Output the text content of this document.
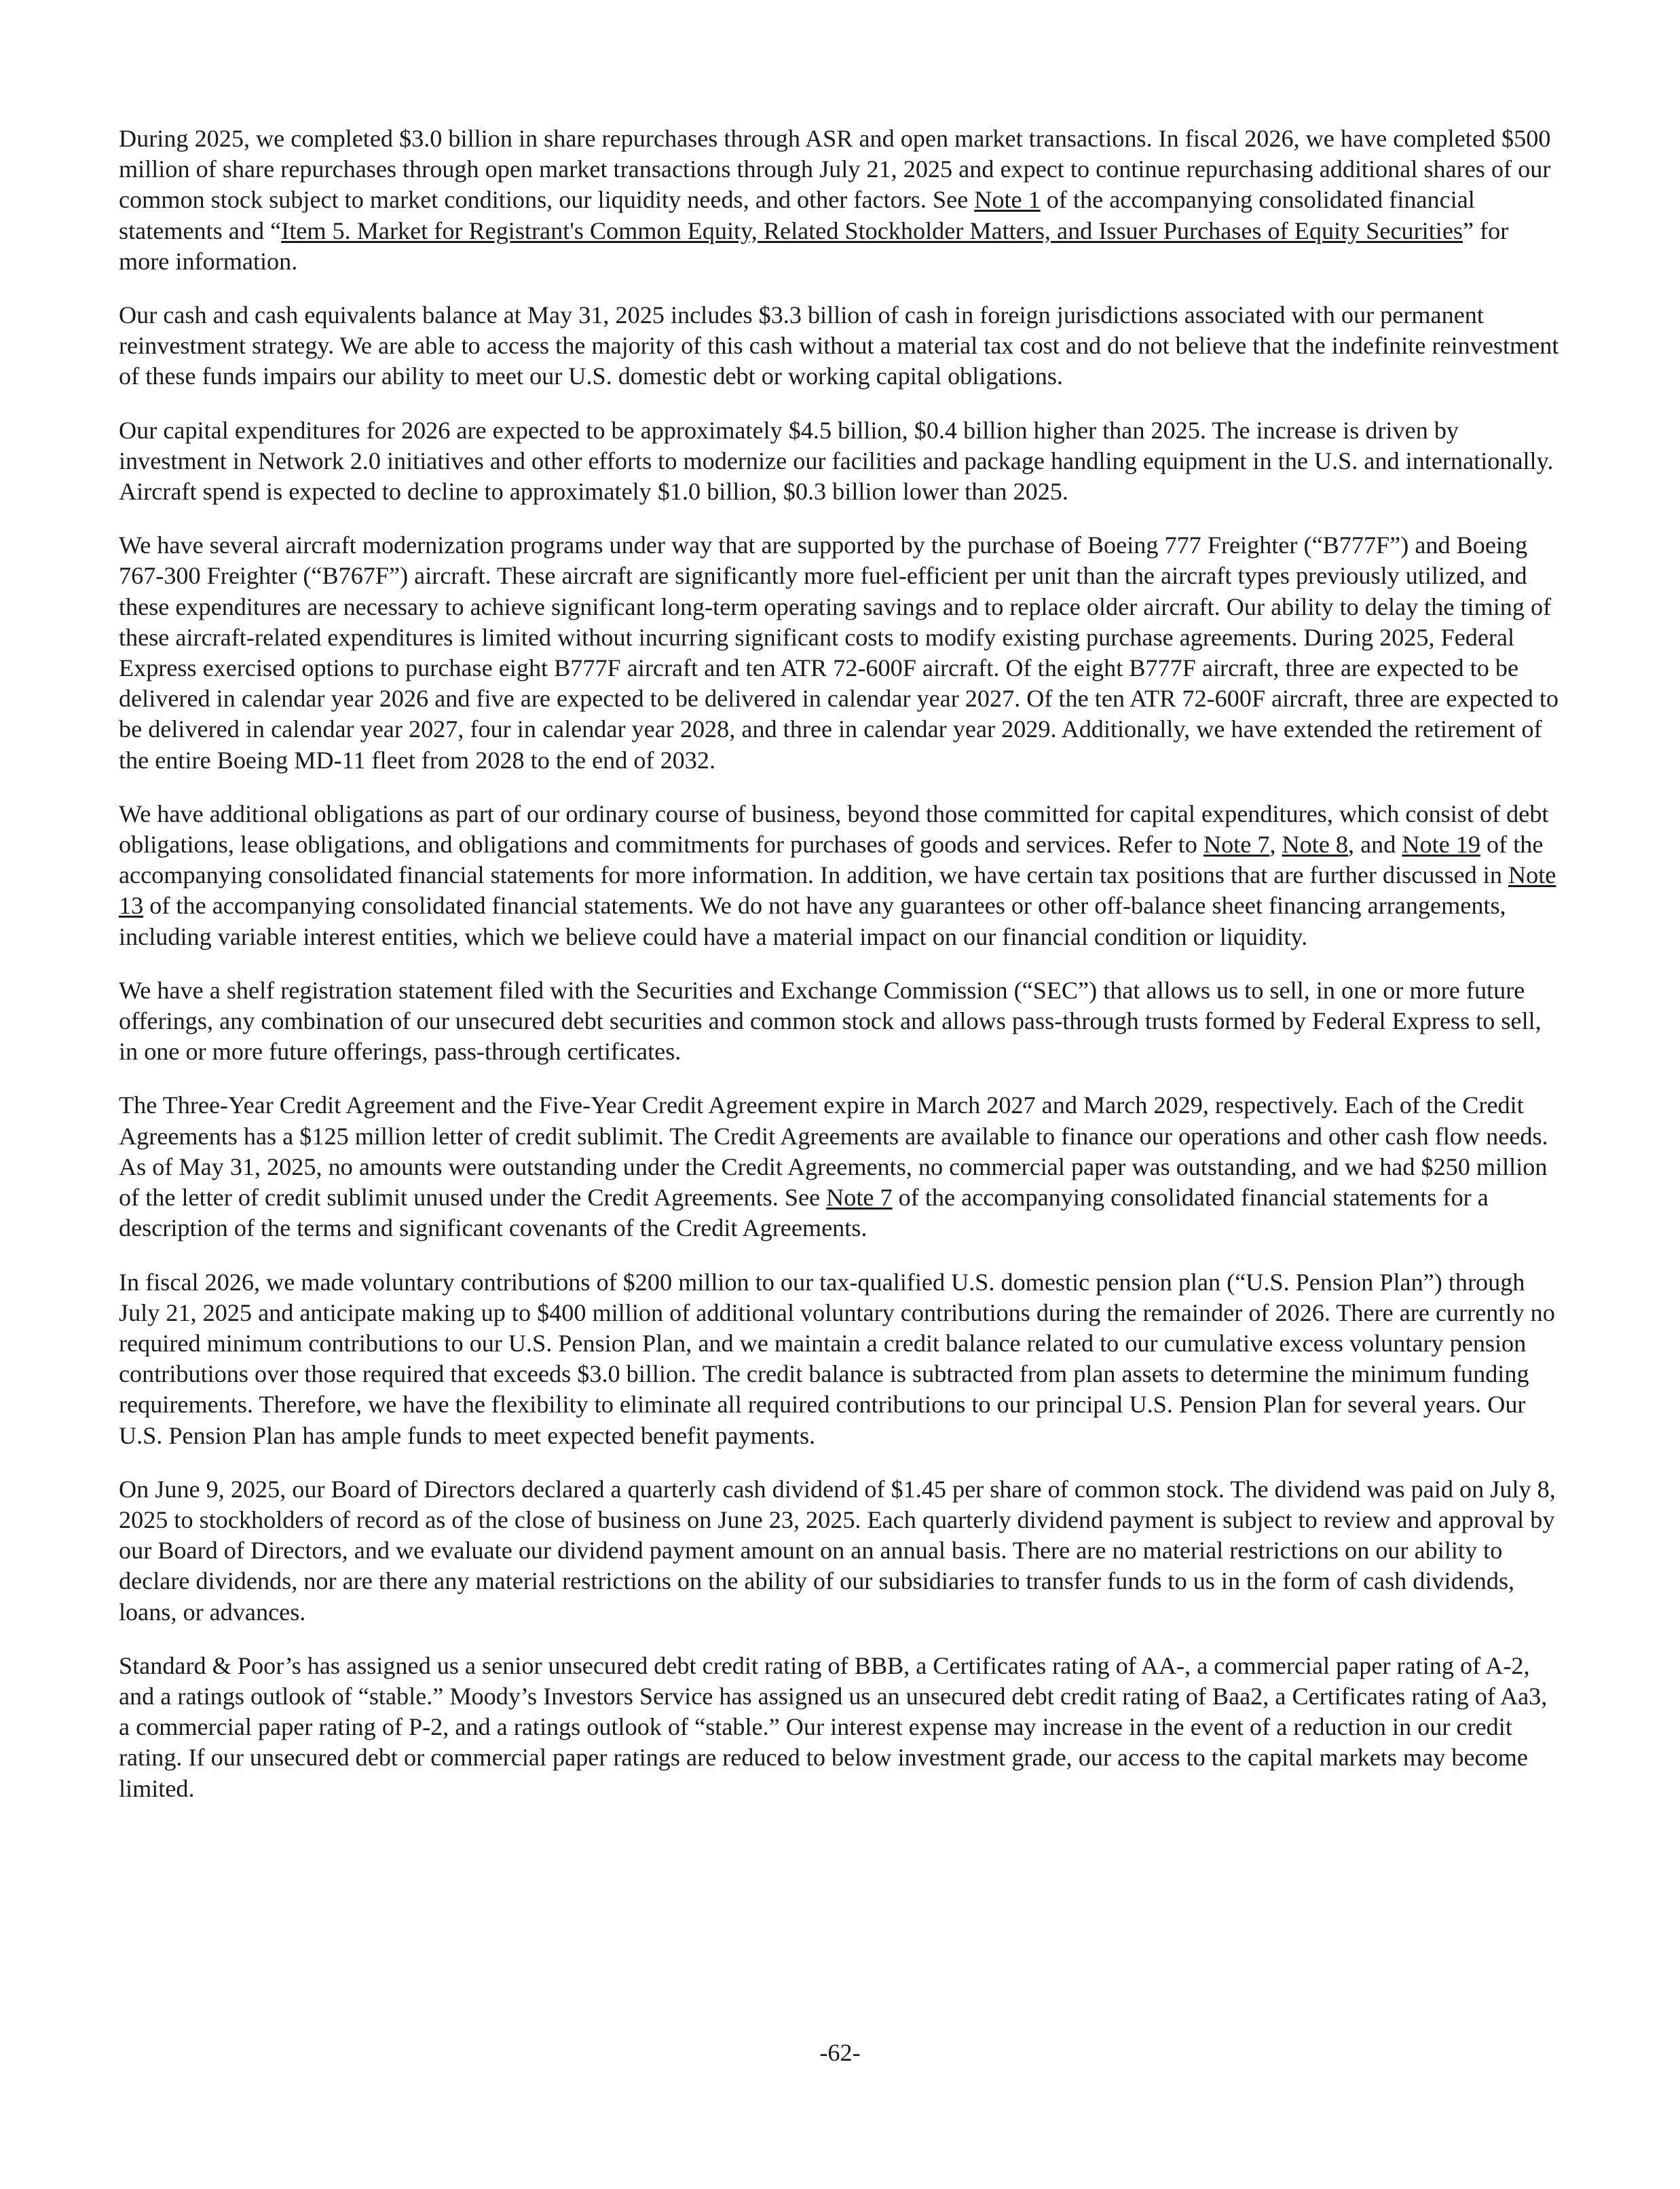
During 2025, we completed $3.0 billion in share repurchases through ASR and open market transactions. In fiscal 2026, we have completed $500 million of share repurchases through open market transactions through July 21, 2025 and expect to continue repurchasing additional shares of our common stock subject to market conditions, our liquidity needs, and other factors. See Note 1 of the accompanying consolidated financial statements and “Item 5. Market for Registrant's Common Equity, Related Stockholder Matters, and Issuer Purchases of Equity Securities” for more information.

Our cash and cash equivalents balance at May 31, 2025 includes $3.3 billion of cash in foreign jurisdictions associated with our permanent reinvestment strategy. We are able to access the majority of this cash without a material tax cost and do not believe that the indefinite reinvestment of these funds impairs our ability to meet our U.S. domestic debt or working capital obligations.

Our capital expenditures for 2026 are expected to be approximately $4.5 billion, $0.4 billion higher than 2025. The increase is driven by investment in Network 2.0 initiatives and other efforts to modernize our facilities and package handling equipment in the U.S. and internationally. Aircraft spend is expected to decline to approximately $1.0 billion, $0.3 billion lower than 2025.

We have several aircraft modernization programs under way that are supported by the purchase of Boeing 777 Freighter (“B777F”) and Boeing 767-300 Freighter (“B767F”) aircraft. These aircraft are significantly more fuel-efficient per unit than the aircraft types previously utilized, and these expenditures are necessary to achieve significant long-term operating savings and to replace older aircraft. Our ability to delay the timing of these aircraft-related expenditures is limited without incurring significant costs to modify existing purchase agreements. During 2025, Federal Express exercised options to purchase eight B777F aircraft and ten ATR 72-600F aircraft. Of the eight B777F aircraft, three are expected to be delivered in calendar year 2026 and five are expected to be delivered in calendar year 2027. Of the ten ATR 72-600F aircraft, three are expected to be delivered in calendar year 2027, four in calendar year 2028, and three in calendar year 2029. Additionally, we have extended the retirement of the entire Boeing MD-11 fleet from 2028 to the end of 2032.

We have additional obligations as part of our ordinary course of business, beyond those committed for capital expenditures, which consist of debt obligations, lease obligations, and obligations and commitments for purchases of goods and services. Refer to Note 7, Note 8, and Note 19 of the accompanying consolidated financial statements for more information. In addition, we have certain tax positions that are further discussed in Note 13 of the accompanying consolidated financial statements. We do not have any guarantees or other off-balance sheet financing arrangements, including variable interest entities, which we believe could have a material impact on our financial condition or liquidity.

We have a shelf registration statement filed with the Securities and Exchange Commission (“SEC”) that allows us to sell, in one or more future offerings, any combination of our unsecured debt securities and common stock and allows pass-through trusts formed by Federal Express to sell, in one or more future offerings, pass-through certificates.

The Three-Year Credit Agreement and the Five-Year Credit Agreement expire in March 2027 and March 2029, respectively. Each of the Credit Agreements has a $125 million letter of credit sublimit. The Credit Agreements are available to finance our operations and other cash flow needs. As of May 31, 2025, no amounts were outstanding under the Credit Agreements, no commercial paper was outstanding, and we had $250 million of the letter of credit sublimit unused under the Credit Agreements. See Note 7 of the accompanying consolidated financial statements for a description of the terms and significant covenants of the Credit Agreements.

In fiscal 2026, we made voluntary contributions of $200 million to our tax-qualified U.S. domestic pension plan (“U.S. Pension Plan”) through July 21, 2025 and anticipate making up to $400 million of additional voluntary contributions during the remainder of 2026. There are currently no required minimum contributions to our U.S. Pension Plan, and we maintain a credit balance related to our cumulative excess voluntary pension contributions over those required that exceeds $3.0 billion. The credit balance is subtracted from plan assets to determine the minimum funding requirements. Therefore, we have the flexibility to eliminate all required contributions to our principal U.S. Pension Plan for several years. Our U.S. Pension Plan has ample funds to meet expected benefit payments.

On June 9, 2025, our Board of Directors declared a quarterly cash dividend of $1.45 per share of common stock. The dividend was paid on July 8, 2025 to stockholders of record as of the close of business on June 23, 2025. Each quarterly dividend payment is subject to review and approval by our Board of Directors, and we evaluate our dividend payment amount on an annual basis. There are no material restrictions on our ability to declare dividends, nor are there any material restrictions on the ability of our subsidiaries to transfer funds to us in the form of cash dividends, loans, or advances.

Standard & Poor’s has assigned us a senior unsecured debt credit rating of BBB, a Certificates rating of AA-, a commercial paper rating of A-2, and a ratings outlook of “stable.” Moody’s Investors Service has assigned us an unsecured debt credit rating of Baa2, a Certificates rating of Aa3, a commercial paper rating of P-2, and a ratings outlook of “stable.” Our interest expense may increase in the event of a reduction in our credit rating. If our unsecured debt or commercial paper ratings are reduced to below investment grade, our access to the capital markets may become limited.

-62-
